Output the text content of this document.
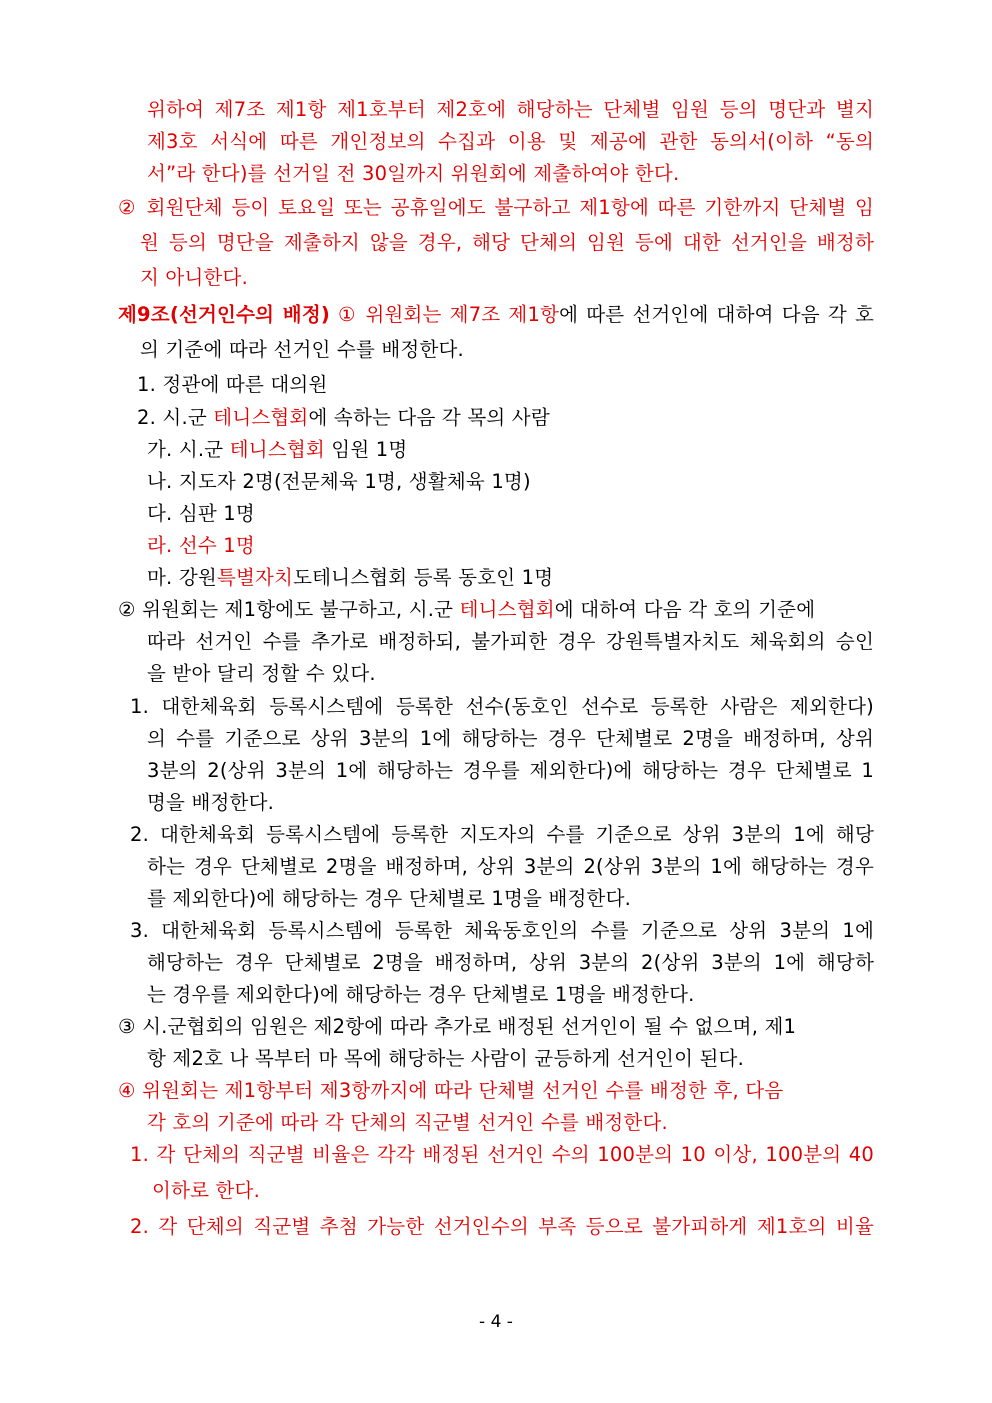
위하여 제7조 제1항 제1호부터 제2호에 해당하는 단체별 임원 등의 명단과 별지
제3호 서식에 따른 개인정보의 수집과 이용 및 제공에 관한 동의서(이하 “동의
서”라 한다)를 선거일 전 30일까지 위원회에 제출하여야 한다.
② 회원단체 등이 토요일 또는 공휴일에도 불구하고 제1항에 따른 기한까지 단체별 임
원 등의 명단을 제출하지 않을 경우, 해당 단체의 임원 등에 대한 선거인을 배정하
지 아니한다.
제9조(선거인수의 배정) ① 위원회는 제7조 제1항에 따른 선거인에 대하여 다음 각 호
의 기준에 따라 선거인 수를 배정한다.
1. 정관에 따른 대의원
2. 시.군 테니스협회에 속하는 다음 각 목의 사람
가. 시.군 테니스협회 임원 1명
나. 지도자 2명(전문체육 1명, 생활체육 1명)
다. 심판 1명
라. 선수 1명
마. 강원특별자치도테니스협회 등록 동호인 1명
② 위원회는 제1항에도 불구하고, 시.군 테니스협회에 대하여 다음 각 호의 기준에
따라 선거인 수를 추가로 배정하되, 불가피한 경우 강원특별자치도 체육회의 승인
을 받아 달리 정할 수 있다.
1. 대한체육회 등록시스템에 등록한 선수(동호인 선수로 등록한 사람은 제외한다)
의 수를 기준으로 상위 3분의 1에 해당하는 경우 단체별로 2명을 배정하며, 상위
3분의 2(상위 3분의 1에 해당하는 경우를 제외한다)에 해당하는 경우 단체별로 1
명을 배정한다.
2. 대한체육회 등록시스템에 등록한 지도자의 수를 기준으로 상위 3분의 1에 해당
하는 경우 단체별로 2명을 배정하며, 상위 3분의 2(상위 3분의 1에 해당하는 경우
를 제외한다)에 해당하는 경우 단체별로 1명을 배정한다.
3. 대한체육회 등록시스템에 등록한 체육동호인의 수를 기준으로 상위 3분의 1에
해당하는 경우 단체별로 2명을 배정하며, 상위 3분의 2(상위 3분의 1에 해당하
는 경우를 제외한다)에 해당하는 경우 단체별로 1명을 배정한다.
③ 시.군협회의 임원은 제2항에 따라 추가로 배정된 선거인이 될 수 없으며, 제1
항 제2호 나 목부터 마 목에 해당하는 사람이 균등하게 선거인이 된다.
④ 위원회는 제1항부터 제3항까지에 따라 단체별 선거인 수를 배정한 후, 다음
각 호의 기준에 따라 각 단체의 직군별 선거인 수를 배정한다.
1. 각 단체의 직군별 비율은 각각 배정된 선거인 수의 100분의 10 이상, 100분의 40
이하로 한다.
2. 각 단체의 직군별 추첨 가능한 선거인수의 부족 등으로 불가피하게 제1호의 비율
- 4 -
